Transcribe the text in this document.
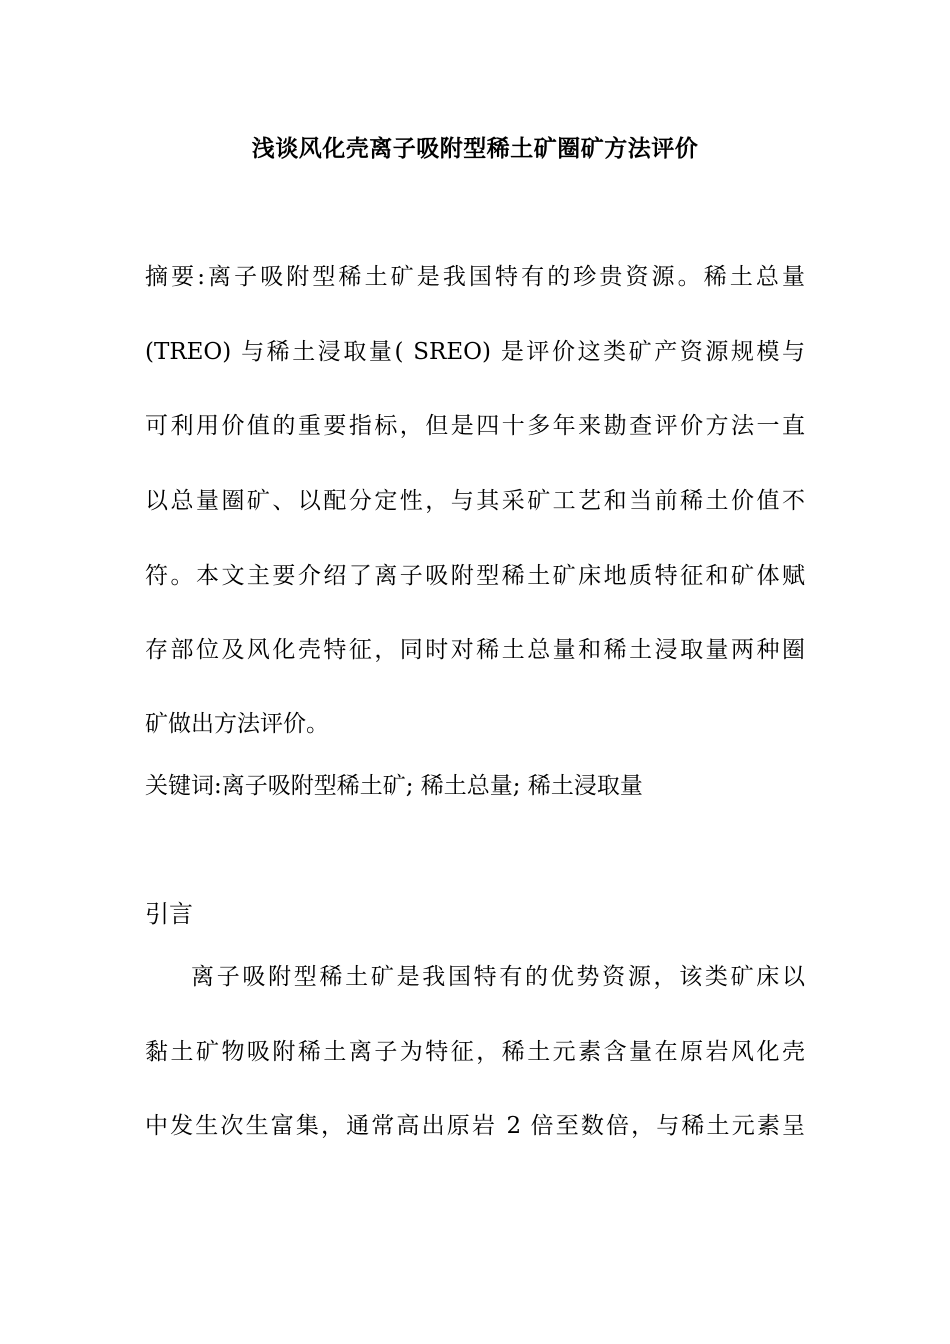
浅谈风化壳离子吸附型稀土矿圈矿方法评价
摘要:离子吸附型稀土矿是我国特有的珍贵资源。稀土总量
(TREO) 与稀土浸取量( SREO) 是评价这类矿产资源规模与
可利用价值的重要指标，但是四十多年来勘查评价方法一直
以总量圈矿、以配分定性，与其采矿工艺和当前稀土价值不
符。本文主要介绍了离子吸附型稀土矿床地质特征和矿体赋
存部位及风化壳特征，同时对稀土总量和稀土浸取量两种圈
矿做出方法评价。
关键词:离子吸附型稀土矿; 稀土总量; 稀土浸取量
引言
离子吸附型稀土矿是我国特有的优势资源，该类矿床以
黏土矿物吸附稀土离子为特征，稀土元素含量在原岩风化壳
中发生次生富集，通常高出原岩 2 倍至数倍，与稀土元素呈
